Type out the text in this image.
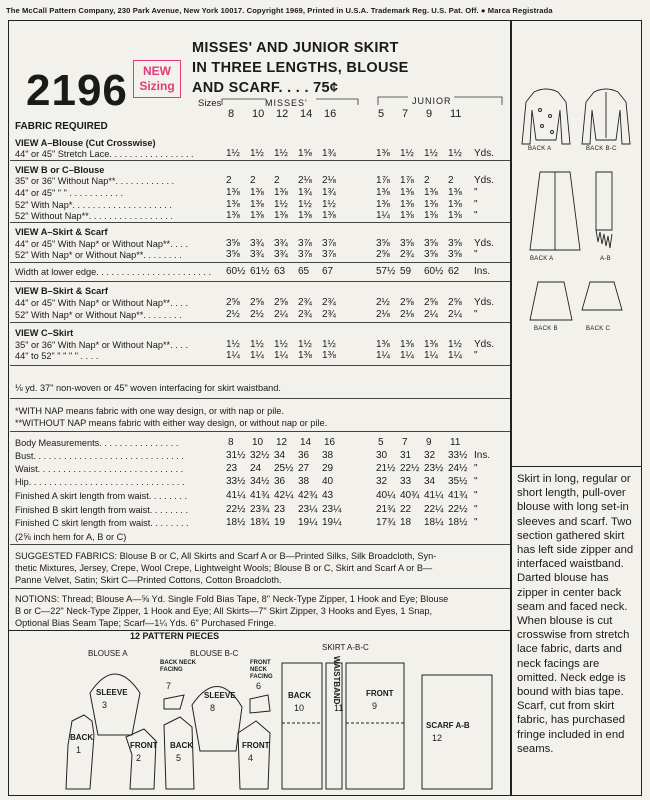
The McCall Pattern Company, 230 Park Avenue, New York 10017. Copyright 1969, Printed in U.S.A. Trademark Reg. U.S. Pat. Off. ● Marca Registrada
2196	NEW
Sizing
MISSES' AND JUNIOR SKIRT
IN THREE LENGTHS, BLOUSE
AND SCARF. . . . 75¢
Sizes	MISSES'	JUNIOR
8 10 12 14 16	5 7 9 11
FABRIC REQUIRED
VIEW A–Blouse (Cut Crosswise)
44" or 45" Stretch Lace. . . . . . . . . . . . . . . . .	1½ 1½ 1½ 1⅝ 1¾	1⅜ 1½ 1½ 1½ Yds.
VIEW B or C–Blouse
35" or 36" Without Nap**. . . . . . . . . . . .	2 2 2 2⅛ 2⅛	1⅞ 1⅞ 2 2 Yds.
44" or 45" " " . . . . . . . . . . .	1⅜ 1⅜ 1⅜ 1¾ 1¾	1⅜ 1⅜ 1⅜ 1⅜ "
52" With Nap*. . . . . . . . . . . . . . . . . . . .	1⅜ 1⅜ 1½ 1½ 1½	1⅜ 1⅜ 1⅜ 1⅜ "
52" Without Nap**. . . . . . . . . . . . . . . . .	1⅜ 1⅜ 1⅜ 1⅜ 1⅜	1¼ 1⅜ 1⅜ 1⅜ "
VIEW A–Skirt & Scarf
44" or 45" With Nap* or Without Nap**. . . .	3⅝ 3¾ 3¾ 3⅞ 3⅞	3⅝ 3⅝ 3⅝ 3⅝ Yds.
52" With Nap* or Without Nap**. . . . . . . .	3⅝ 3¾ 3¾ 3⅞ 3⅞	2⅝ 2¾ 3⅝ 3⅝ "
Width at lower edge. . . . . . . . . . . . . . . . . . . . . . . 60½ 61½ 63 65 67	57½ 59 60½ 62 Ins.
VIEW B–Skirt & Scarf
44" or 45" With Nap* or Without Nap**. . . .	2⅝ 2⅝ 2⅝ 2¾ 2¾	2½ 2⅝ 2⅝ 2⅝ Yds.
52" With Nap* or Without Nap**. . . . . . . .	2½ 2½ 2¼ 2¾ 2¾	2⅛ 2⅛ 2¼ 2¼ "
VIEW C–Skirt
35" or 36" With Nap* or Without Nap**. . . .	1½ 1½ 1½ 1½ 1½	1⅜ 1⅜ 1⅜ 1½ Yds.
44" to 52" " " " " . . . .	1¼ 1¼ 1¼ 1⅜ 1⅜	1¼ 1¼ 1¼ 1¼ "
⅛ yd. 37" non-woven or 45" woven interfacing for skirt waistband.
*WITH NAP means fabric with one way design, or with nap or pile.
**WITHOUT NAP means fabric with either way design, or without nap or pile.
Body Measurements. . . . . . . . . . . . . . . .	8 10 12 14 16	5 7 9 11
Bust. . . . . . . . . . . . . . . . . . . . . . . . . . . . . .	31½ 32½ 34 36 38	30 31 32 33½ Ins.
Waist. . . . . . . . . . . . . . . . . . . . . . . . . . . . .	23 24 25½ 27 29	21½ 22½ 23½ 24½ "
Hip. . . . . . . . . . . . . . . . . . . . . . . . . . . . . . .	33½ 34½ 36 38 40	32 33 34 35½ "
Finished A skirt length from waist. . . . . . . .	41¼ 41¾ 42¼ 42¾ 43	40¼ 40¾ 41¼ 41¾ "
Finished B skirt length from waist. . . . . . . .	22½ 23¾ 23 23¼ 23¼	21¾ 22 22¼ 22½ "
Finished C skirt length from waist. . . . . . . .	18½ 18¾ 19 19¼ 19¼	17¾ 18 18¼ 18½ "
(2⅝ inch hem for A, B or C)
SUGGESTED FABRICS: Blouse B or C, All Skirts and Scarf A or B—Printed Silks, Silk Broadcloth, Syn-
thetic Mixtures, Jersey, Crepe, Wool Crepe, Lightweight Wools; Blouse B or C, Skirt and Scarf A or B—
Panne Velvet, Satin; Skirt C—Printed Cottons, Cotton Broadcloth.
NOTIONS: Thread; Blouse A—⅝ Yd. Single Fold Bias Tape, 8" Neck-Type Zipper, 1 Hook and Eye; Blouse
B or C—22" Neck-Type Zipper, 1 Hook and Eye; All Skirts—7" Skirt Zipper, 3 Hooks and Eyes, 1 Snap,
Optional Bias Seam Tape; Scarf—1¼ Yds. 6" Purchased Fringe.
12 PATTERN PIECES
BLOUSE A	BLOUSE B-C
SKIRT A-B-C
SLEEVE
3
BACK
1	FRONT
2
BACK NECK FACING
7
FRONT NECK FACING
6
SLEEVE
8
BACK
5
FRONT
4
BACK
10
WAISTBAND
11
FRONT
9
SCARF A-B
12
BACK A	BACK B-C
BACK A	A-B
BACK B	BACK C
Skirt in long, regular or short length, pull-over blouse with long set-in sleeves and scarf. Two section gathered skirt has left side zipper and interfaced waistband. Darted blouse has zipper in center back seam and faced neck. When blouse is cut crosswise from stretch lace fabric, darts and neck facings are omitted. Neck edge is bound with bias tape. Scarf, cut from skirt fabric, has purchased fringe included in end seams.
